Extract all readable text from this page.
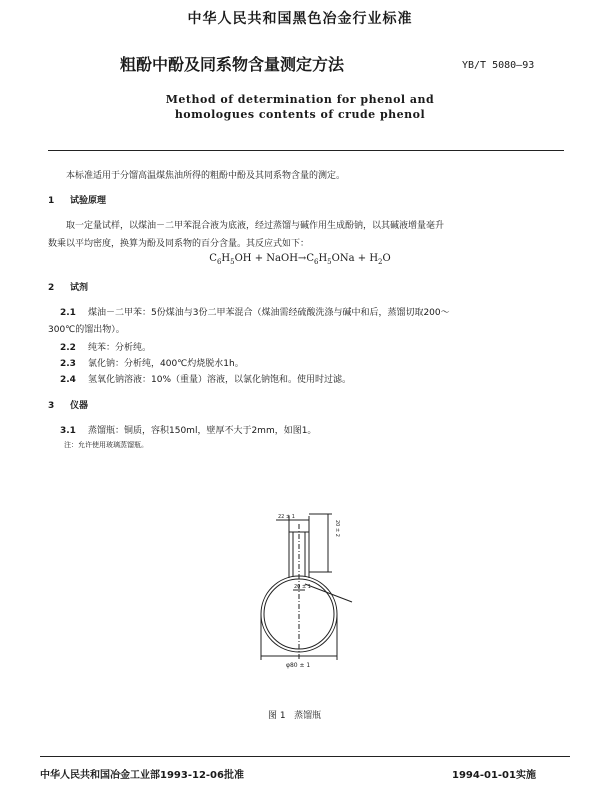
中华人民共和国黑色冶金行业标准
粗酚中酚及同系物含量测定方法	YB/T 5080—93
Method of determination for phenol and
homologues contents of crude phenol
本标准适用于分馏高温煤焦油所得的粗酚中酚及其同系物含量的测定。
1 试验原理
取一定量试样，以煤油－二甲苯混合液为底液，经过蒸馏与碱作用生成酚钠，以其碱液增量毫升
数乘以平均密度，换算为酚及同系物的百分含量。其反应式如下：
$C_6H_5OH$ + $NaOH\to C_6H_5ONa + H_2O$
2 试剂
2.1 煤油－二甲苯：5份煤油与3份二甲苯混合（煤油需经硫酸洗涤与碱中和后，蒸馏切取200～
300℃的馏出物）。
2.2 纯苯：分析纯。
2.3 氯化钠：分析纯，400℃灼烧脱水1h。
2.4 氢氧化钠溶液：10%（重量）溶液，以氯化钠饱和。使用时过滤。
3 仪器
3.1 蒸馏瓶：铜质，容积150ml，壁厚不大于2mm，如图1。
注：允许使用玻璃蒸馏瓶。
22 ± 1
20 ± 2
20 ± 1
φ80 ± 1
图 1   蒸馏瓶
中华人民共和国冶金工业部1993-12-06批准	1994-01-01实施
